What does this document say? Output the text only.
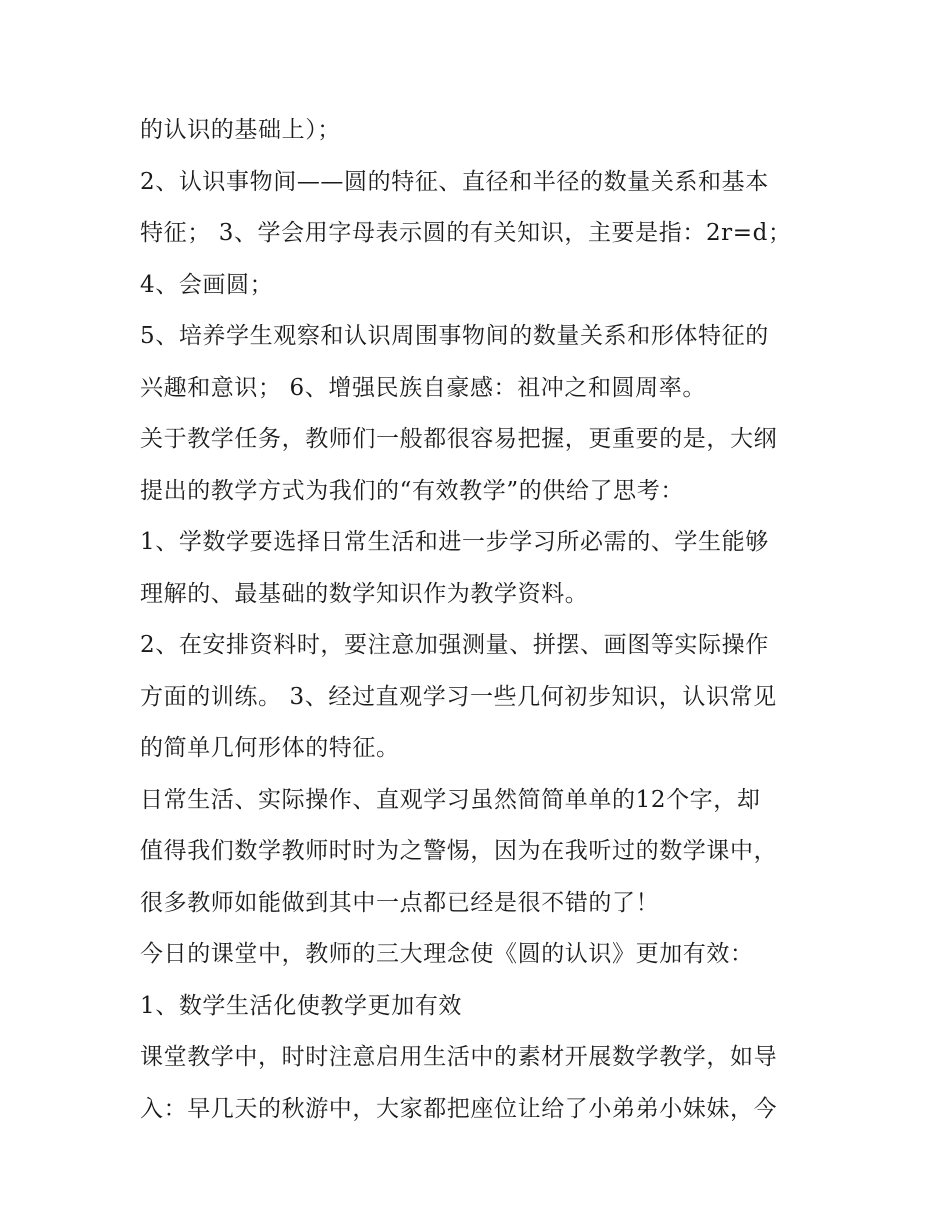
的认识的基础上）；
2、认识事物间——圆的特征、直径和半径的数量关系和基本
特征； 3、学会用字母表示圆的有关知识，主要是指：2r=d；
4、会画圆；
5、培养学生观察和认识周围事物间的数量关系和形体特征的
兴趣和意识； 6、增强民族自豪感：祖冲之和圆周率。
关于教学任务，教师们一般都很容易把握，更重要的是，大纲
提出的教学方式为我们的“有效教学”的供给了思考：
1、学数学要选择日常生活和进一步学习所必需的、学生能够
理解的、最基础的数学知识作为教学资料。
2、在安排资料时，要注意加强测量、拼摆、画图等实际操作
方面的训练。 3、经过直观学习一些几何初步知识，认识常见
的简单几何形体的特征。
日常生活、实际操作、直观学习虽然简简单单的12个字，却
值得我们数学教师时时为之警惕，因为在我听过的数学课中，
很多教师如能做到其中一点都已经是很不错的了！
今日的课堂中，教师的三大理念使《圆的认识》更加有效：
1、数学生活化使教学更加有效
课堂教学中，时时注意启用生活中的素材开展数学教学，如导
入：早几天的秋游中，大家都把座位让给了小弟弟小妹妹，今
